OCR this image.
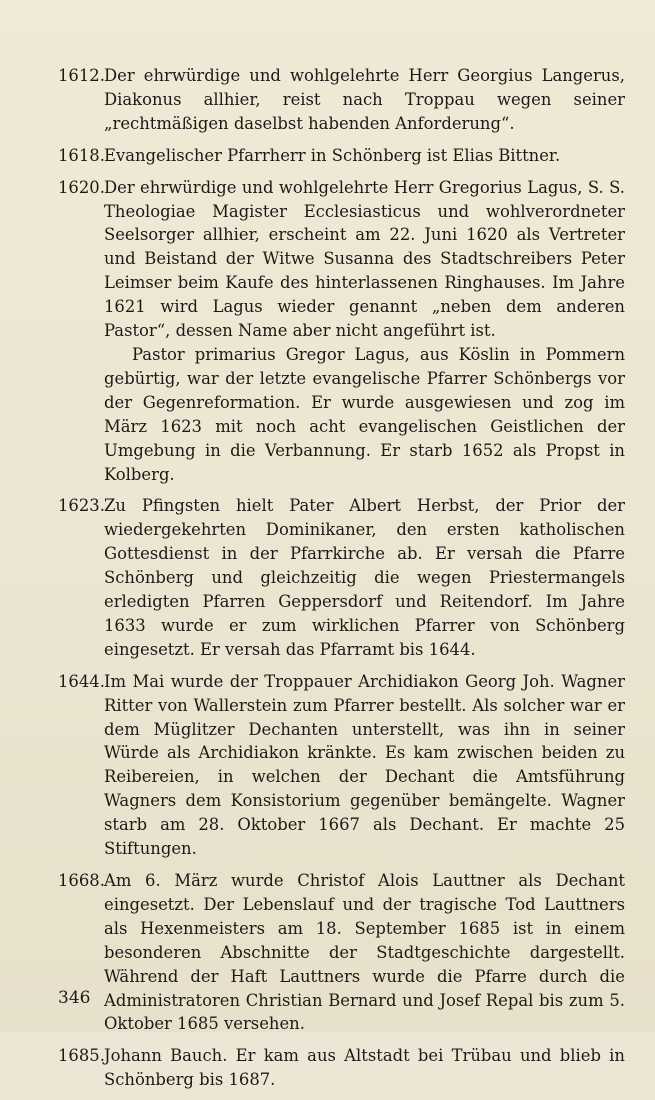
1612. Der ehrwürdige und wohlgelehrte Herr Georgius Langerus, Diakonus allhier, reist nach Troppau wegen seiner „rechtmäßigen daselbst habenden Anforderung“.

1618. Evangelischer Pfarrherr in Schönberg ist Elias Bittner.

1620. Der ehrwürdige und wohlgelehrte Herr Gregorius Lagus, S. S. Theologiae Magister Ecclesiasticus und wohlverordneter Seelsorger allhier, erscheint am 22. Juni 1620 als Vertreter und Beistand der Witwe Susanna des Stadtschreibers Peter Leimser beim Kaufe des hinterlassenen Ringhauses. Im Jahre 1621 wird Lagus wieder genannt „neben dem anderen Pastor“, dessen Name aber nicht angeführt ist.

Pastor primarius Gregor Lagus, aus Köslin in Pommern gebürtig, war der letzte evangelische Pfarrer Schönbergs vor der Gegenreformation. Er wurde ausgewiesen und zog im März 1623 mit noch acht evangelischen Geistlichen der Umgebung in die Verbannung. Er starb 1652 als Propst in Kolberg.

1623. Zu Pfingsten hielt Pater Albert Herbst, der Prior der wiedergekehrten Dominikaner, den ersten katholischen Gottesdienst in der Pfarrkirche ab. Er versah die Pfarre Schönberg und gleichzeitig die wegen Priestermangels erledigten Pfarren Geppersdorf und Reitendorf. Im Jahre 1633 wurde er zum wirklichen Pfarrer von Schönberg eingesetzt. Er versah das Pfarramt bis 1644.

1644. Im Mai wurde der Troppauer Archidiakon Georg Joh. Wagner Ritter von Wallerstein zum Pfarrer bestellt. Als solcher war er dem Müglitzer Dechanten unterstellt, was ihn in seiner Würde als Archidiakon kränkte. Es kam zwischen beiden zu Reibereien, in welchen der Dechant die Amtsführung Wagners dem Konsistorium gegenüber bemängelte. Wagner starb am 28. Oktober 1667 als Dechant. Er machte 25 Stiftungen.

1668. Am 6. März wurde Christof Alois Lauttner als Dechant eingesetzt. Der Lebenslauf und der tragische Tod Lauttners als Hexenmeisters am 18. September 1685 ist in einem besonderen Abschnitte der Stadtgeschichte dargestellt. Während der Haft Lauttners wurde die Pfarre durch die Administratoren Christian Bernard und Josef Repal bis zum 5. Oktober 1685 versehen.

1685. Johann Bauch. Er kam aus Altstadt bei Trübau und blieb in Schönberg bis 1687.

346
